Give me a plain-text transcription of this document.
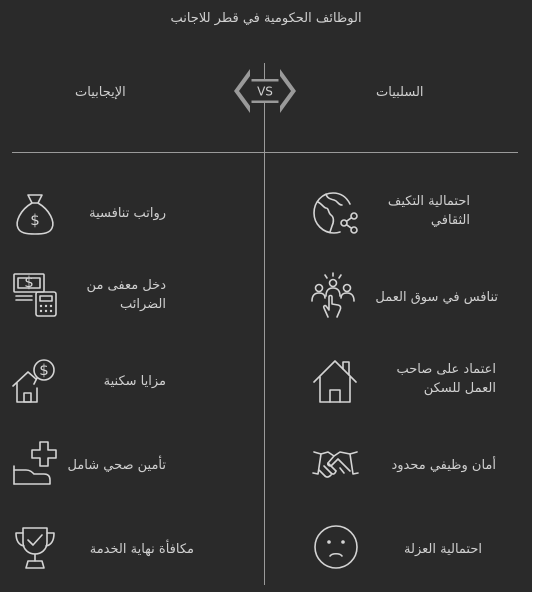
الوظائف الحكومية في قطر للاجانب
الإيجابيات	السلبيات
VS
$	رواتب تنافسية
$	دخل معفى من
الضرائب
$
مزايا سكنية
تأمين صحي شامل
مكافأة نهاية الخدمة
احتمالية التكيف
الثقافي
تنافس في سوق العمل
اعتماد على صاحب
العمل للسكن
أمان وظيفي محدود
احتمالية العزلة
